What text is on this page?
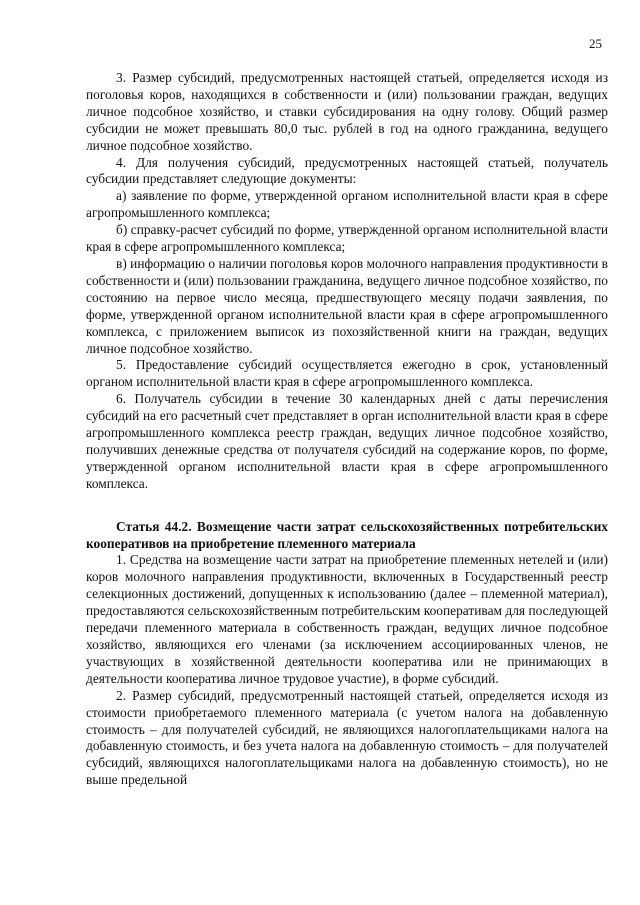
25

3. Размер субсидий, предусмотренных настоящей статьей, определяется исходя из поголовья коров, находящихся в собственности и (или) пользовании граждан, ведущих личное подсобное хозяйство, и ставки субсидирования на одну голову. Общий размер субсидии не может превышать 80,0 тыс. рублей в год на одного гражданина, ведущего личное подсобное хозяйство.

4. Для получения субсидий, предусмотренных настоящей статьей, получатель субсидии представляет следующие документы:

а) заявление по форме, утвержденной органом исполнительной власти края в сфере агропромышленного комплекса;

б) справку-расчет субсидий по форме, утвержденной органом исполнительной власти края в сфере агропромышленного комплекса;

в) информацию о наличии поголовья коров молочного направления продуктивности в собственности и (или) пользовании гражданина, ведущего личное подсобное хозяйство, по состоянию на первое число месяца, предшествующего месяцу подачи заявления, по форме, утвержденной органом исполнительной власти края в сфере агропромышленного комплекса, с приложением выписок из похозяйственной книги на граждан, ведущих личное подсобное хозяйство.

5. Предоставление субсидий осуществляется ежегодно в срок, установленный органом исполнительной власти края в сфере агропромышленного комплекса.

6. Получатель субсидии в течение 30 календарных дней с даты перечисления субсидий на его расчетный счет представляет в орган исполнительной власти края в сфере агропромышленного комплекса реестр граждан, ведущих личное подсобное хозяйство, получивших денежные средства от получателя субсидий на содержание коров, по форме, утвержденной органом исполнительной власти края в сфере агропромышленного комплекса.

Статья 44.2. Возмещение части затрат сельскохозяйственных потребительских кооперативов на приобретение племенного материала

1. Средства на возмещение части затрат на приобретение племенных нетелей и (или) коров молочного направления продуктивности, включенных в Государственный реестр селекционных достижений, допущенных к использованию (далее – племенной материал), предоставляются сельскохозяйственным потребительским кооперативам для последующей передачи племенного материала в собственность граждан, ведущих личное подсобное хозяйство, являющихся его членами (за исключением ассоциированных членов, не участвующих в хозяйственной деятельности кооператива или не принимающих в деятельности кооператива личное трудовое участие), в форме субсидий.

2. Размер субсидий, предусмотренный настоящей статьей, определяется исходя из стоимости приобретаемого племенного материала (с учетом налога на добавленную стоимость – для получателей субсидий, не являющихся налогоплательщиками налога на добавленную стоимость, и без учета налога на добавленную стоимость – для получателей субсидий, являющихся налогоплательщиками налога на добавленную стоимость), но не выше предельной
